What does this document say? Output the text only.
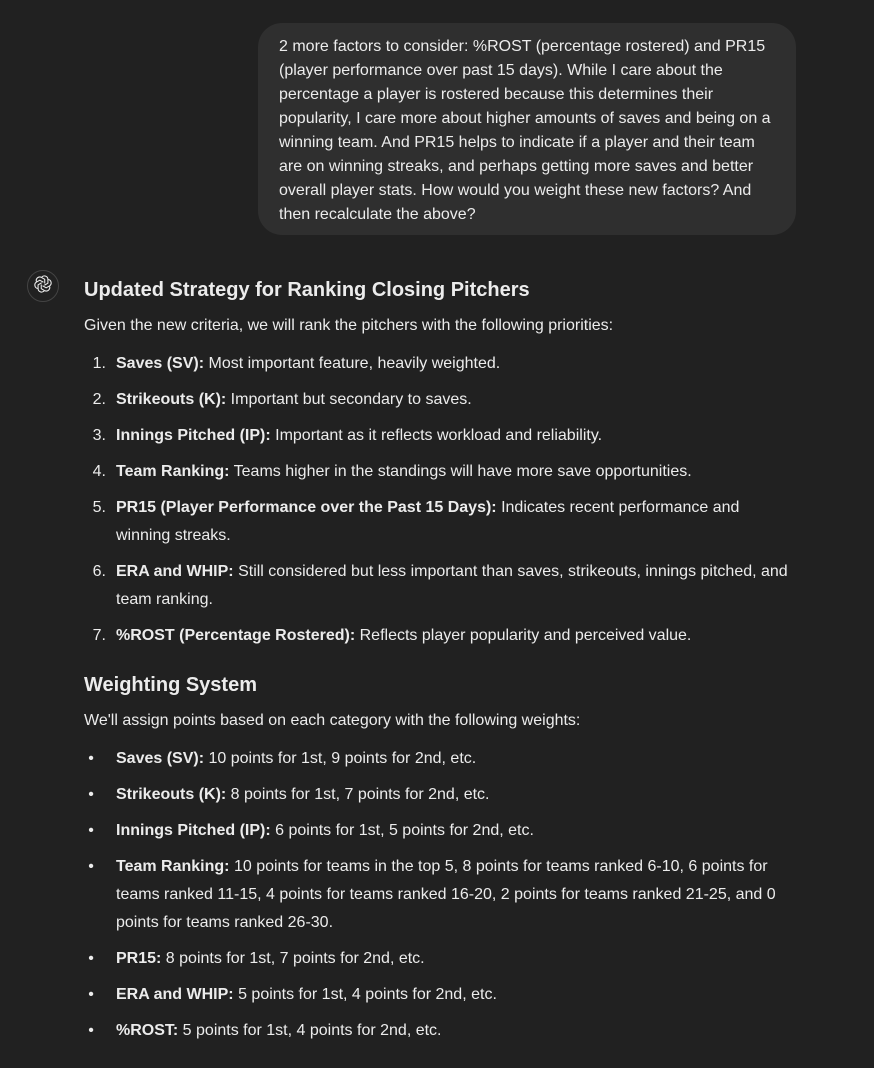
2 more factors to consider: %ROST (percentage rostered) and PR15 (player performance over past 15 days). While I care about the percentage a player is rostered because this determines their popularity, I care more about higher amounts of saves and being on a winning team. And PR15 helps to indicate if a player and their team are on winning streaks, and perhaps getting more saves and better overall player stats. How would you weight these new factors? And then recalculate the above?
Updated Strategy for Ranking Closing Pitchers

Given the new criteria, we will rank the pitchers with the following priorities:

1. Saves (SV): Most important feature, heavily weighted.
2. Strikeouts (K): Important but secondary to saves.
3. Innings Pitched (IP): Important as it reflects workload and reliability.
4. Team Ranking: Teams higher in the standings will have more save opportunities.
5. PR15 (Player Performance over the Past 15 Days): Indicates recent performance and winning streaks.
6. ERA and WHIP: Still considered but less important than saves, strikeouts, innings pitched, and team ranking.
7. %ROST (Percentage Rostered): Reflects player popularity and perceived value.
Weighting System

We'll assign points based on each category with the following weights:

• Saves (SV): 10 points for 1st, 9 points for 2nd, etc.
• Strikeouts (K): 8 points for 1st, 7 points for 2nd, etc.
• Innings Pitched (IP): 6 points for 1st, 5 points for 2nd, etc.
• Team Ranking: 10 points for teams in the top 5, 8 points for teams ranked 6-10, 6 points for teams ranked 11-15, 4 points for teams ranked 16-20, 2 points for teams ranked 21-25, and 0 points for teams ranked 26-30.
• PR15: 8 points for 1st, 7 points for 2nd, etc.
• ERA and WHIP: 5 points for 1st, 4 points for 2nd, etc.
• %ROST: 5 points for 1st, 4 points for 2nd, etc.
